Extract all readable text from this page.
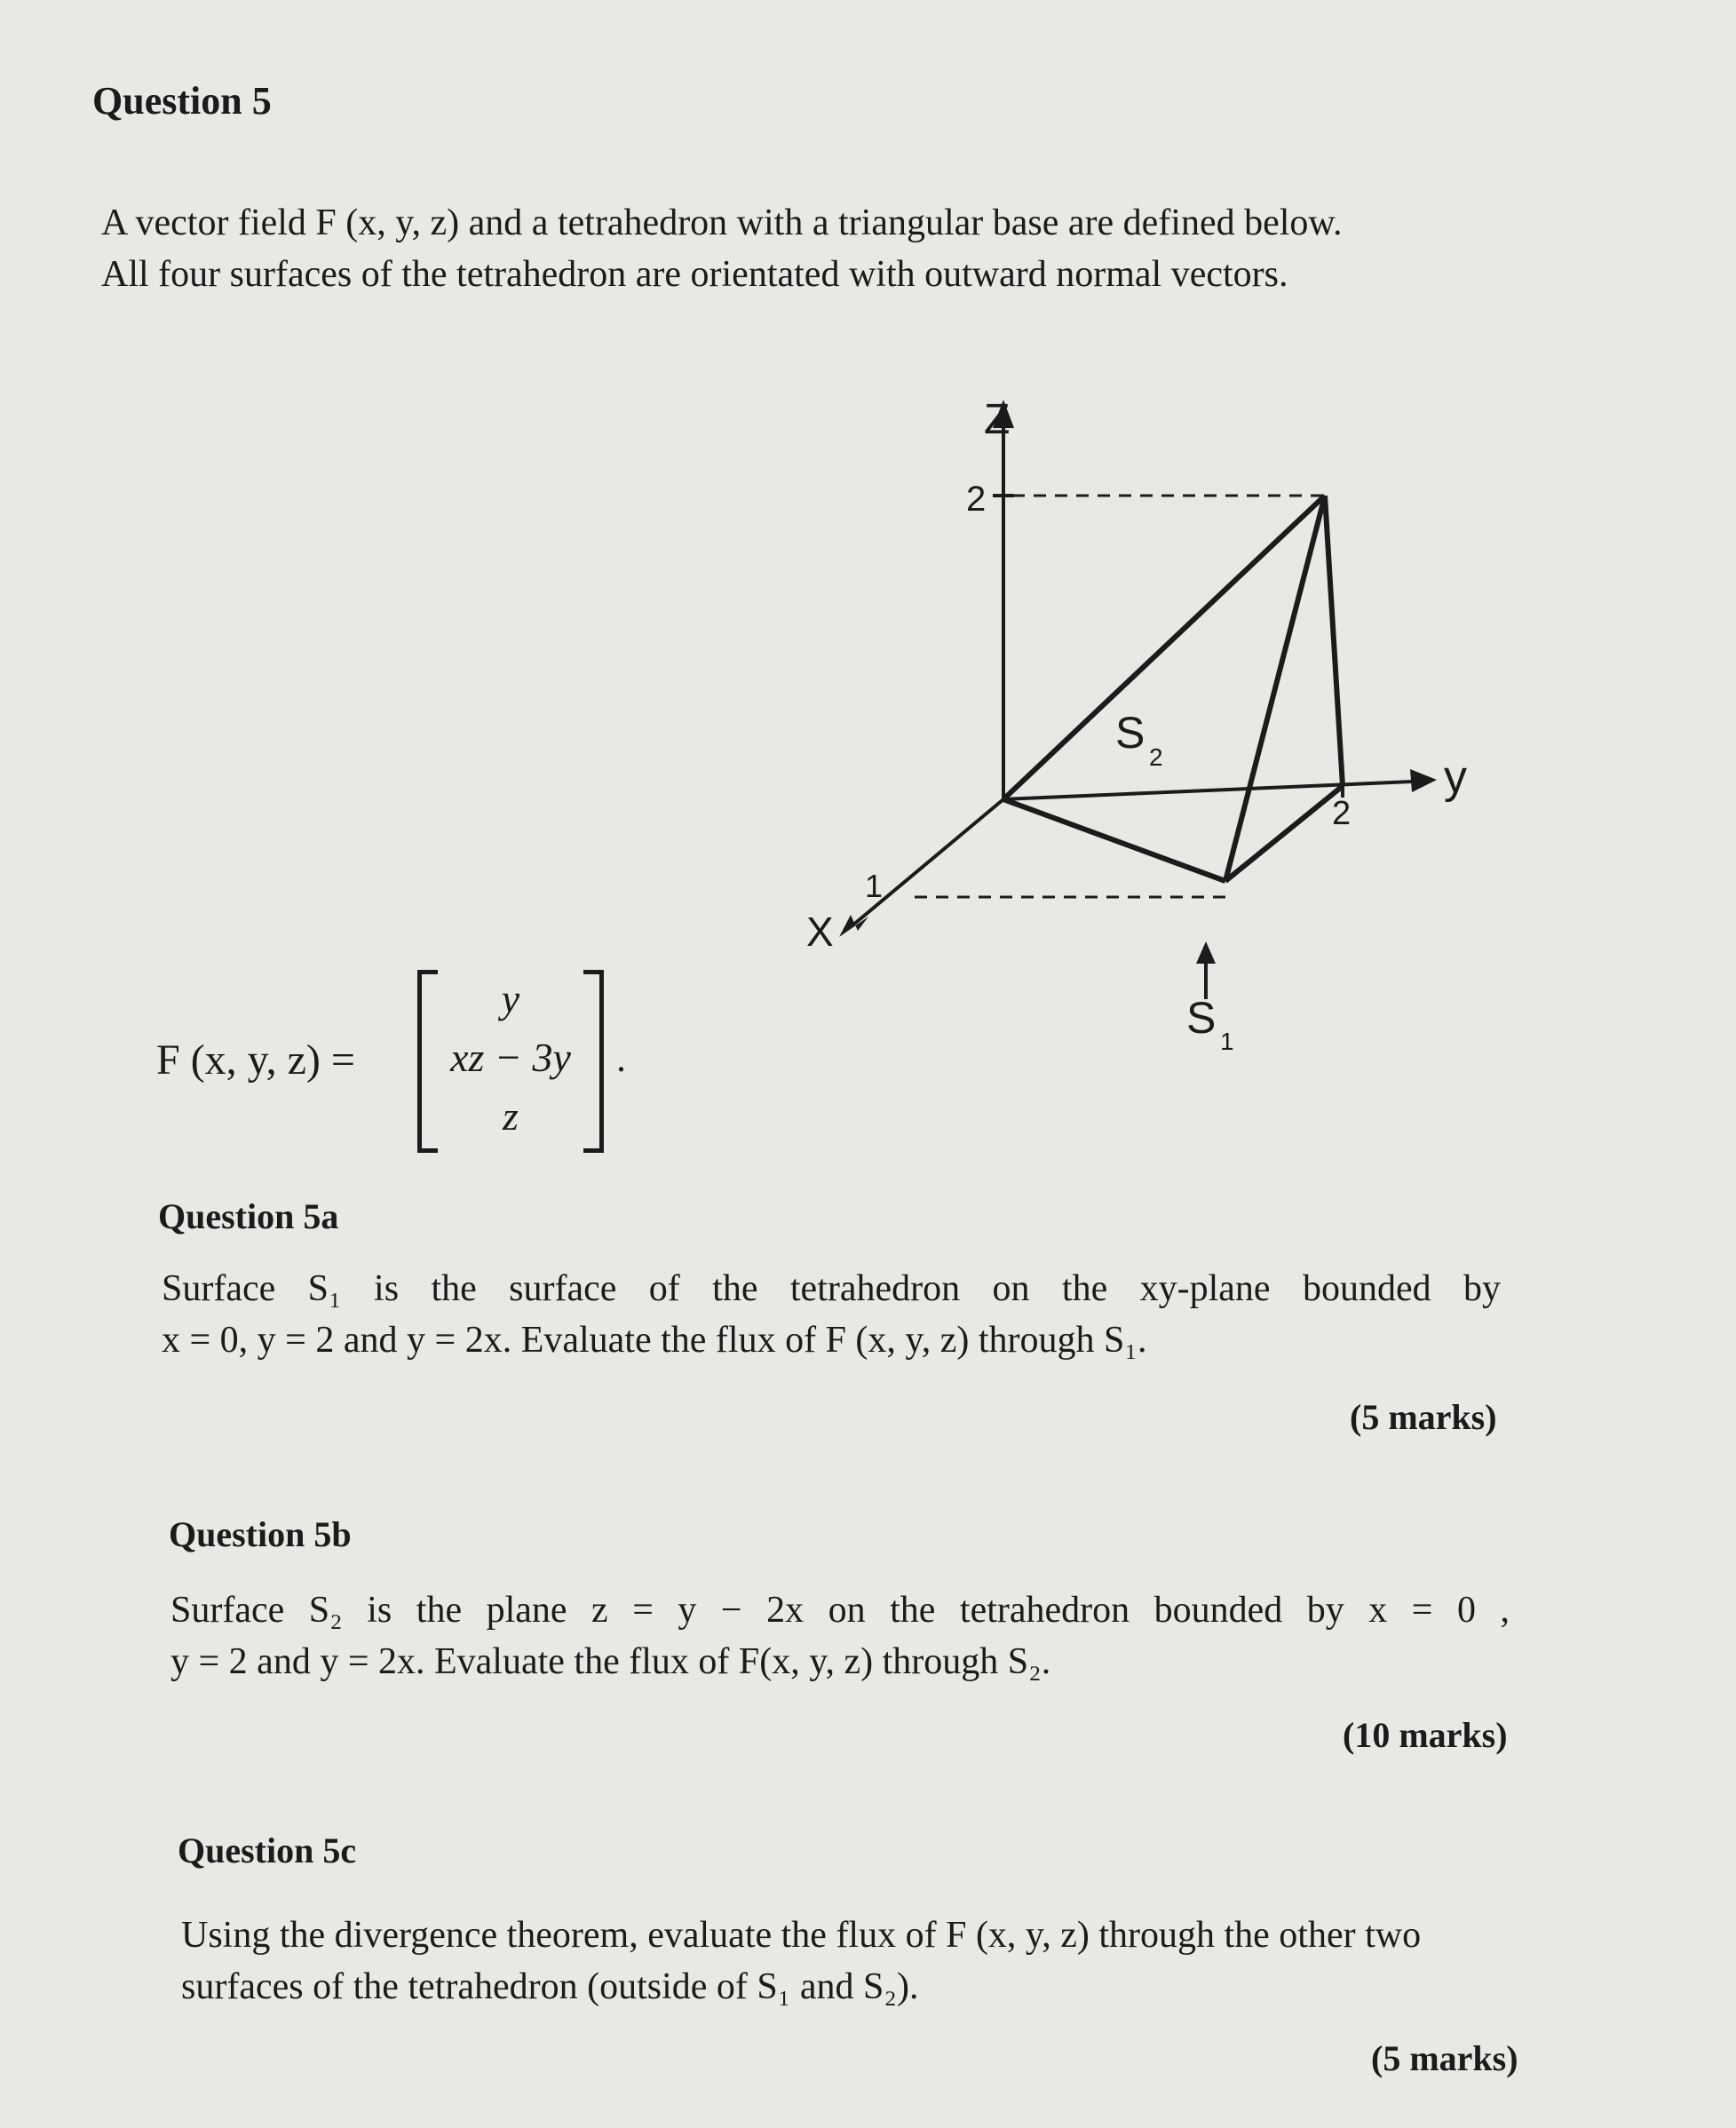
Question 5
A vector field F (x, y, z) and a tetrahedron with a triangular base are defined below.
All four surfaces of the tetrahedron are orientated with outward normal vectors.
Z
2
y
2
X
1
S 2
S 1
F (x, y, z) =
y
xz − 3y
z
.
Question 5a
Surface S₁ is the surface of the tetrahedron on the xy-plane bounded by
x = 0, y = 2 and y = 2x. Evaluate the flux of F (x, y, z) through S₁.
(5 marks)
Question 5b
Surface S₂ is the plane z = y − 2x on the tetrahedron bounded by x = 0 ,
y = 2 and y = 2x. Evaluate the flux of F(x, y, z) through S₂.
(10 marks)
Question 5c
Using the divergence theorem, evaluate the flux of F (x, y, z) through the other two
surfaces of the tetrahedron (outside of S₁ and S₂).
(5 marks)
